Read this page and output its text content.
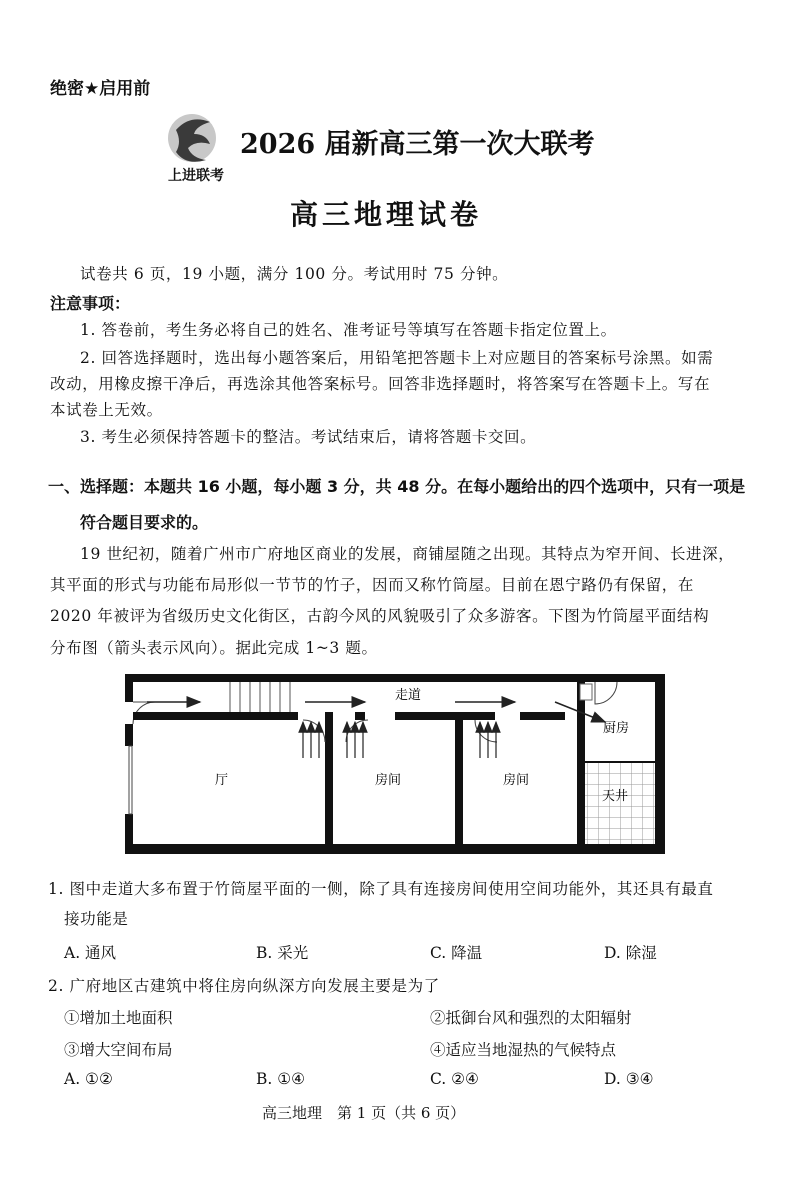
绝密★启用前
上进联考
2026 届新高三第一次大联考
高三地理试卷
试卷共 6 页，19 小题，满分 100 分。考试用时 75 分钟。
注意事项：
1. 答卷前，考生务必将自己的姓名、准考证号等填写在答题卡指定位置上。
2. 回答选择题时，选出每小题答案后，用铅笔把答题卡上对应题目的答案标号涂黑。如需
改动，用橡皮擦干净后，再选涂其他答案标号。回答非选择题时，将答案写在答题卡上。写在
本试卷上无效。
3. 考生必须保持答题卡的整洁。考试结束后，请将答题卡交回。
一、选择题：本题共 16 小题，每小题 3 分，共 48 分。在每小题给出的四个选项中，只有一项是
符合题目要求的。
19 世纪初，随着广州市广府地区商业的发展，商铺屋随之出现。其特点为窄开间、长进深，
其平面的形式与功能布局形似一节节的竹子，因而又称竹筒屋。目前在恩宁路仍有保留，在
2020 年被评为省级历史文化街区，古韵今风的风貌吸引了众多游客。下图为竹筒屋平面结构
分布图（箭头表示风向）。据此完成 1~3 题。
走道
厅	房间	房间
厨房
天井
1. 图中走道大多布置于竹筒屋平面的一侧，除了具有连接房间使用空间功能外，其还具有最直
接功能是
A. 通风	B. 采光	C. 降温	D. 除湿
2. 广府地区古建筑中将住房向纵深方向发展主要是为了
①增加土地面积	②抵御台风和强烈的太阳辐射
③增大空间布局	④适应当地湿热的气候特点
A. ①②	B. ①④	C. ②④	D. ③④
高三地理　第 1 页（共 6 页）
